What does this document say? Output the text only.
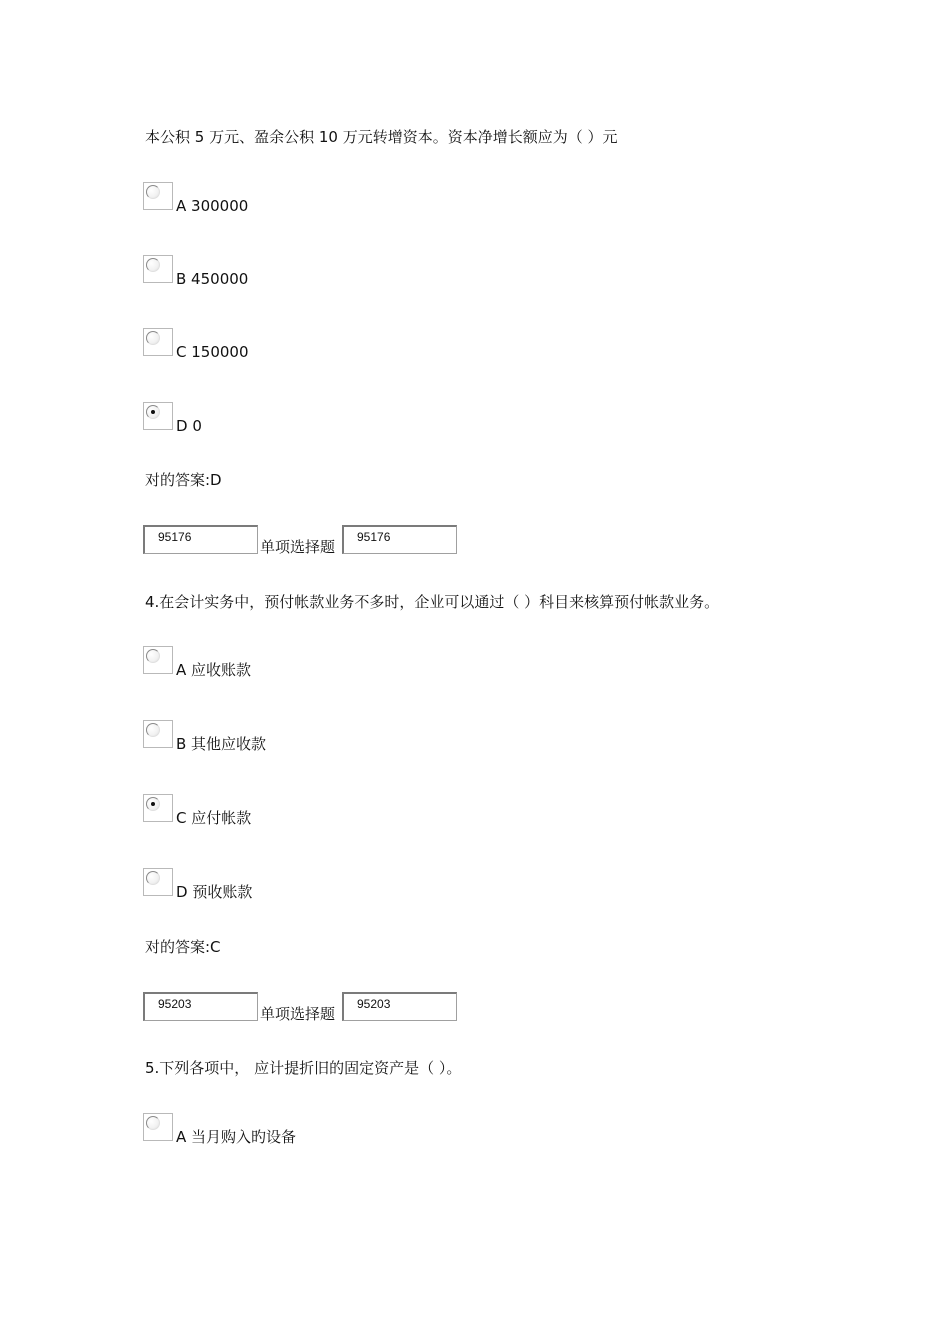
本公积 5 万元、盈余公积 10 万元转增资本。资本净增长额应为（ ）元
A 300000
B 450000
C 150000
D 0
对的答案:D
95176
单项选择题
95176
4.在会计实务中，预付帐款业务不多时，企业可以通过（ ）科目来核算预付帐款业务。
A 应收账款
B 其他应收款
C 应付帐款
D 预收账款
对的答案:C
95203
单项选择题
95203
5.下列各项中， 应计提折旧的固定资产是（ ）。
A 当月购入旳设备
